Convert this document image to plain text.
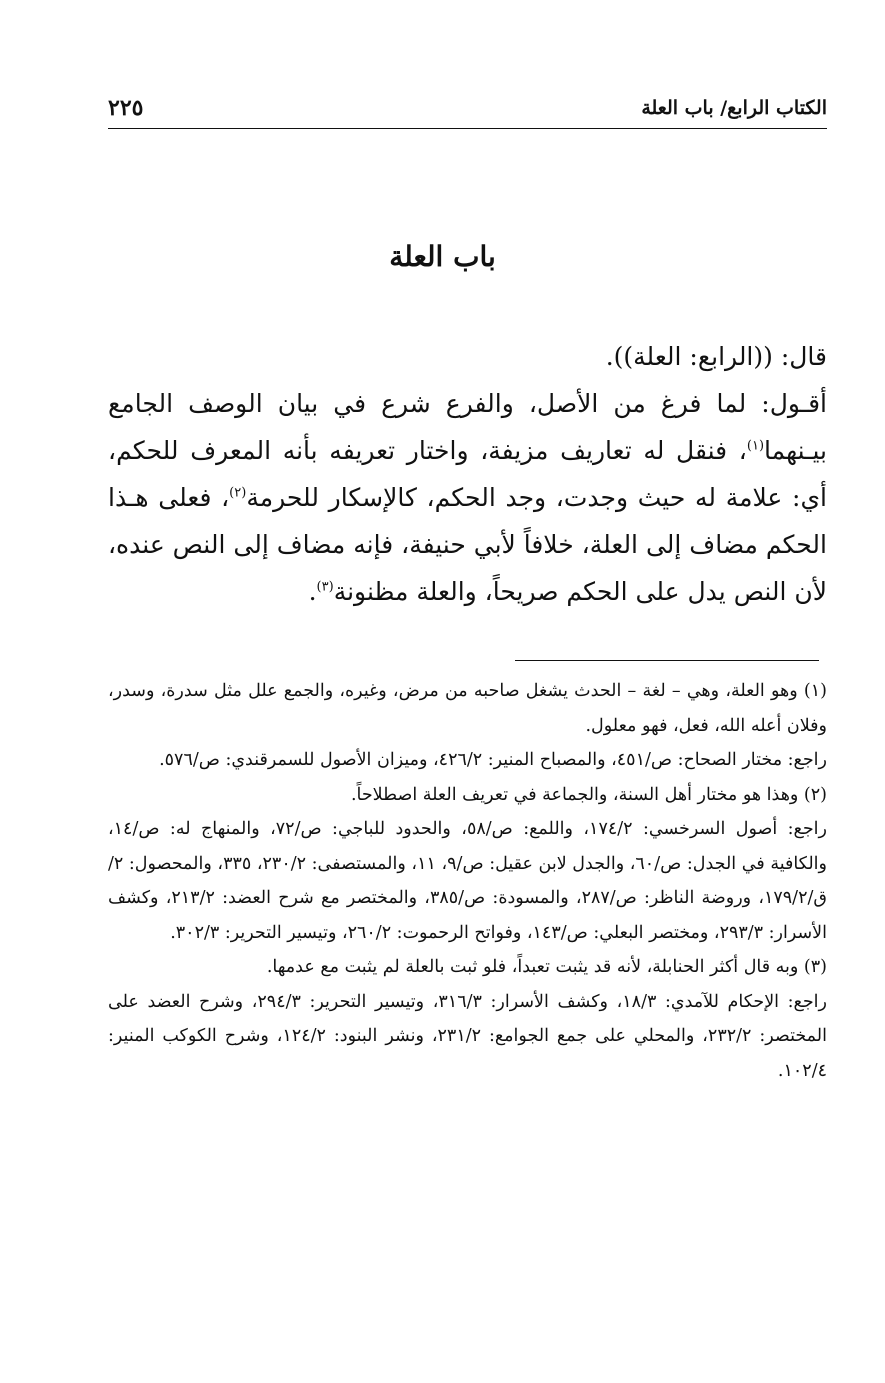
الكتاب الرابع/ باب العلة
٢٢٥
باب العلة

قال: ((الرابع: العلة)).

أقـول: لما فرغ من الأصل، والفرع شرع في بيان الوصف الجامع بيـنهما$^{(١)}$، فنقل له تعاريف مزيفة، واختار تعريفه بأنه المعرف للحكم، أي: علامة له حيث وجدت، وجد الحكم، كالإسكار للحرمة$^{(٢)}$، فعلى هـذا الحكم مضاف إلى العلة، خلافاً لأبي حنيفة، فإنه مضاف إلى النص عنده، لأن النص يدل على الحكم صريحاً، والعلة مظنونة$^{(٣)}$.

(١) وهو العلة، وهي – لغة – الحدث يشغل صاحبه من مرض، وغيره، والجمع علل مثل سدرة، وسدر، وفلان أعله الله، فعل، فهو معلول.

راجع: مختار الصحاح: ص/٤٥١، والمصباح المنير: ٤٢٦/٢، وميزان الأصول للسمرقندي: ص/٥٧٦.

(٢) وهذا هو مختار أهل السنة، والجماعة في تعريف العلة اصطلاحاً.

راجع: أصول السرخسي: ١٧٤/٢، واللمع: ص/٥٨، والحدود للباجي: ص/٧٢، والمنهاج له: ص/١٤، والكافية في الجدل: ص/٦٠، والجدل لابن عقيل: ص/٩، ١١، والمستصفى: ٢٣٠/٢، ٣٣٥، والمحصول: ٢/ق/١٧٩/٢، وروضة الناظر: ص/٢٨٧، والمسودة: ص/٣٨٥، والمختصر مع شرح العضد: ٢١٣/٢، وكشف الأسرار: ٢٩٣/٣، ومختصر البعلي: ص/١٤٣، وفواتح الرحموت: ٢٦٠/٢، وتيسير التحرير: ٣٠٢/٣.

(٣) وبه قال أكثر الحنابلة، لأنه قد يثبت تعبداً، فلو ثبت بالعلة لم يثبت مع عدمها.

راجع: الإحكام للآمدي: ١٨/٣، وكشف الأسرار: ٣١٦/٣، وتيسير التحرير: ٢٩٤/٣، وشرح العضد على المختصر: ٢٣٢/٢، والمحلي على جمع الجوامع: ٢٣١/٢، ونشر البنود: ١٢٤/٢، وشرح الكوكب المنير: ١٠٢/٤.
